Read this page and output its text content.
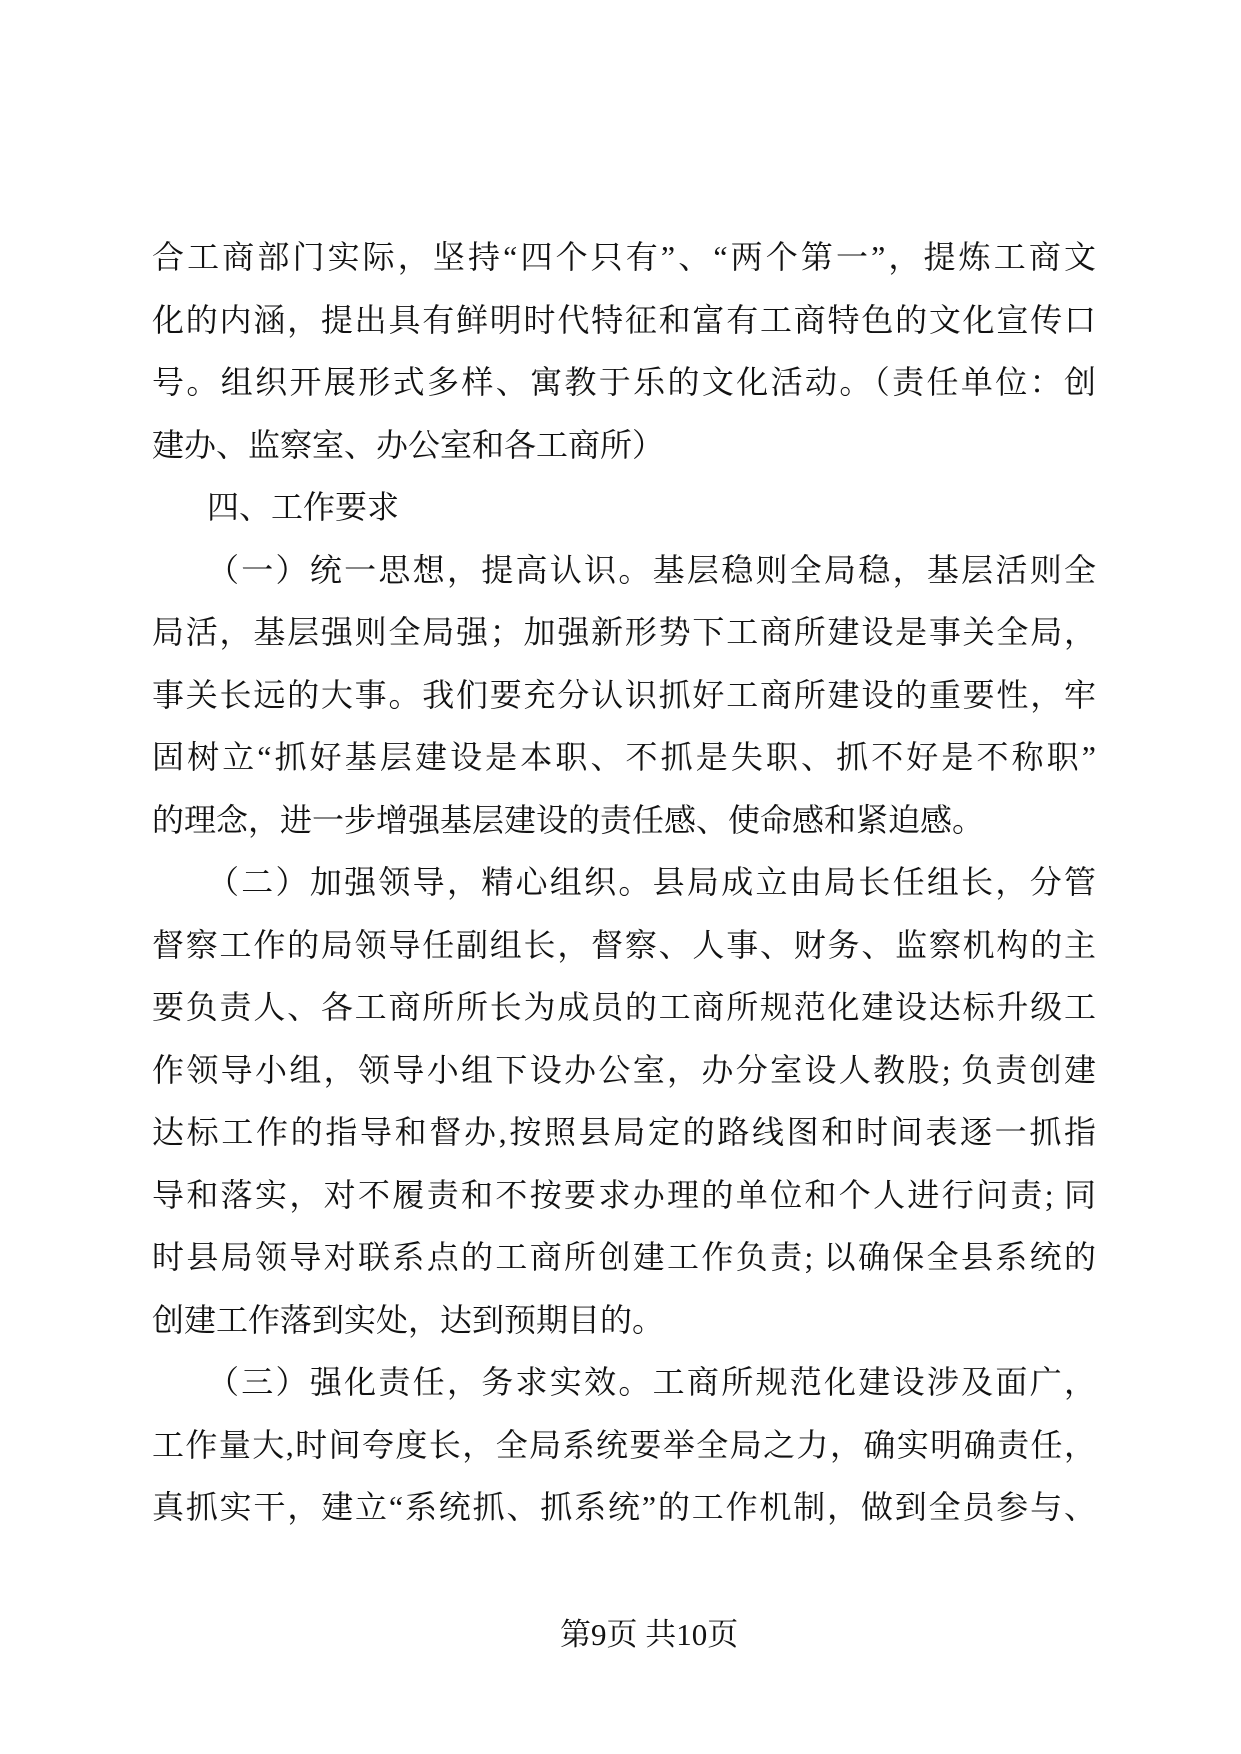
合工商部门实际，坚持“四个只有”、“两个第一”，提炼工商文
化的内涵，提出具有鲜明时代特征和富有工商特色的文化宣传口
号。组织开展形式多样、寓教于乐的文化活动。（责任单位：创
建办、监察室、办公室和各工商所）
四、工作要求
（一）统一思想，提高认识。基层稳则全局稳，基层活则全
局活，基层强则全局强；加强新形势下工商所建设是事关全局，
事关长远的大事。我们要充分认识抓好工商所建设的重要性，牢
固树立“抓好基层建设是本职、不抓是失职、抓不好是不称职”
的理念，进一步增强基层建设的责任感、使命感和紧迫感。
（二）加强领导，精心组织。县局成立由局长任组长，分管
督察工作的局领导任副组长，督察、人事、财务、监察机构的主
要负责人、各工商所所长为成员的工商所规范化建设达标升级工
作领导小组，领导小组下设办公室，办分室设人教股; 负责创建
达标工作的指导和督办,按照县局定的路线图和时间表逐一抓指
导和落实，对不履责和不按要求办理的单位和个人进行问责; 同
时县局领导对联系点的工商所创建工作负责; 以确保全县系统的
创建工作落到实处，达到预期目的。
（三）强化责任，务求实效。工商所规范化建设涉及面广，
工作量大,时间夸度长，全局系统要举全局之力，确实明确责任，
真抓实干，建立“系统抓、抓系统”的工作机制，做到全员参与、
第9页 共10页
